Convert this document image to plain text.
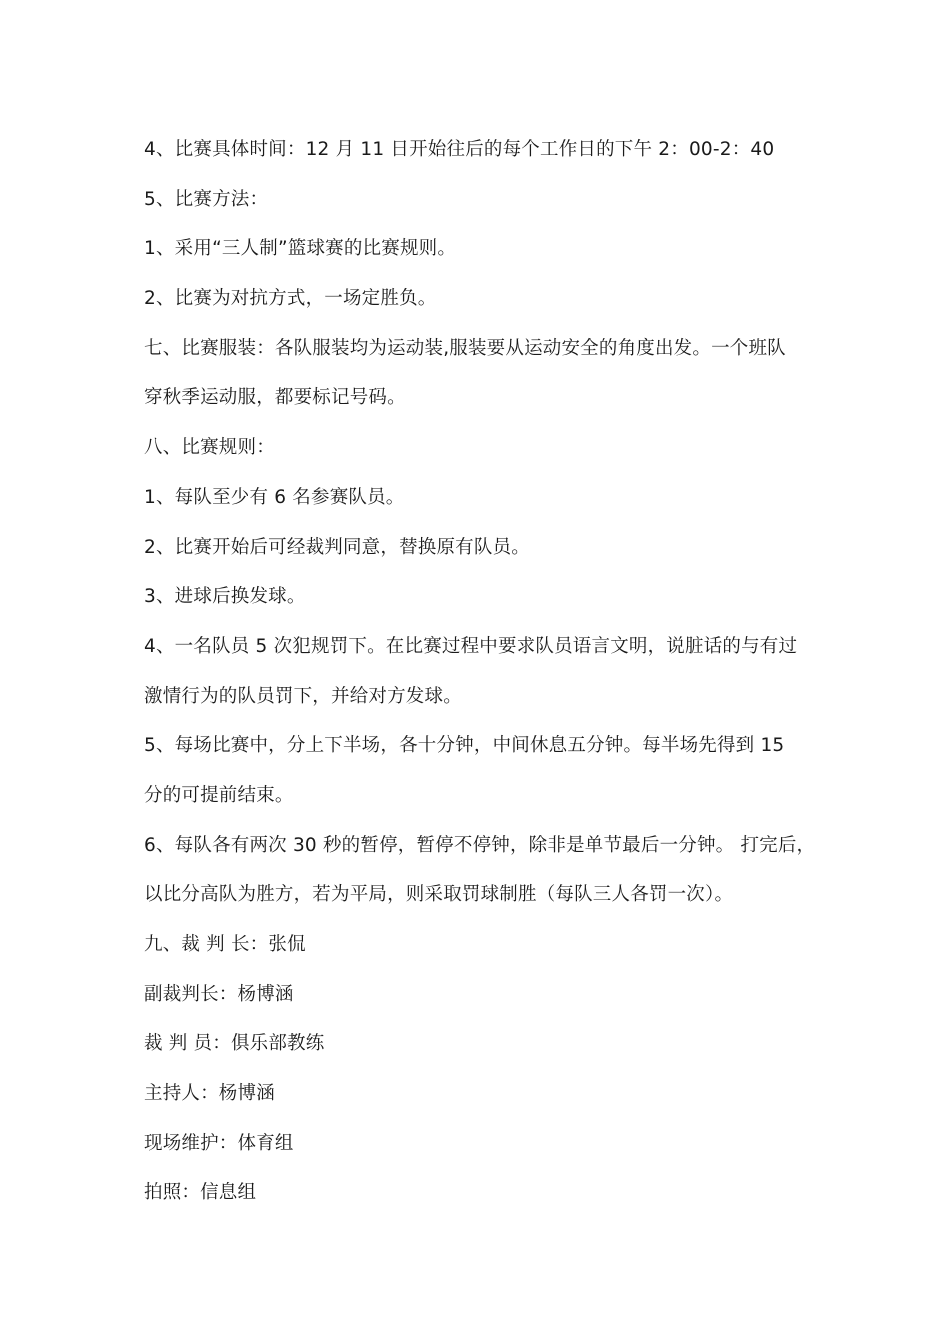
4、比赛具体时间：12 月 11 日开始往后的每个工作日的下午 2：00-2：40
5、比赛方法：
1、采用“三人制”篮球赛的比赛规则。
2、比赛为对抗方式，一场定胜负。
七、比赛服装：各队服装均为运动装,服装要从运动安全的角度出发。一个班队
穿秋季运动服，都要标记号码。
八、比赛规则：
1、每队至少有 6 名参赛队员。
2、比赛开始后可经裁判同意，替换原有队员。
3、进球后换发球。
4、一名队员 5 次犯规罚下。在比赛过程中要求队员语言文明，说脏话的与有过
激情行为的队员罚下，并给对方发球。
5、每场比赛中，分上下半场，各十分钟，中间休息五分钟。每半场先得到 15
分的可提前结束。
6、每队各有两次 30 秒的暂停，暂停不停钟，除非是单节最后一分钟。 打完后，
以比分高队为胜方，若为平局，则采取罚球制胜（每队三人各罚一次）。
九、裁 判 长：张侃
副裁判长：杨博涵
裁 判 员：俱乐部教练
主持人：杨博涵
现场维护：体育组
拍照：信息组
